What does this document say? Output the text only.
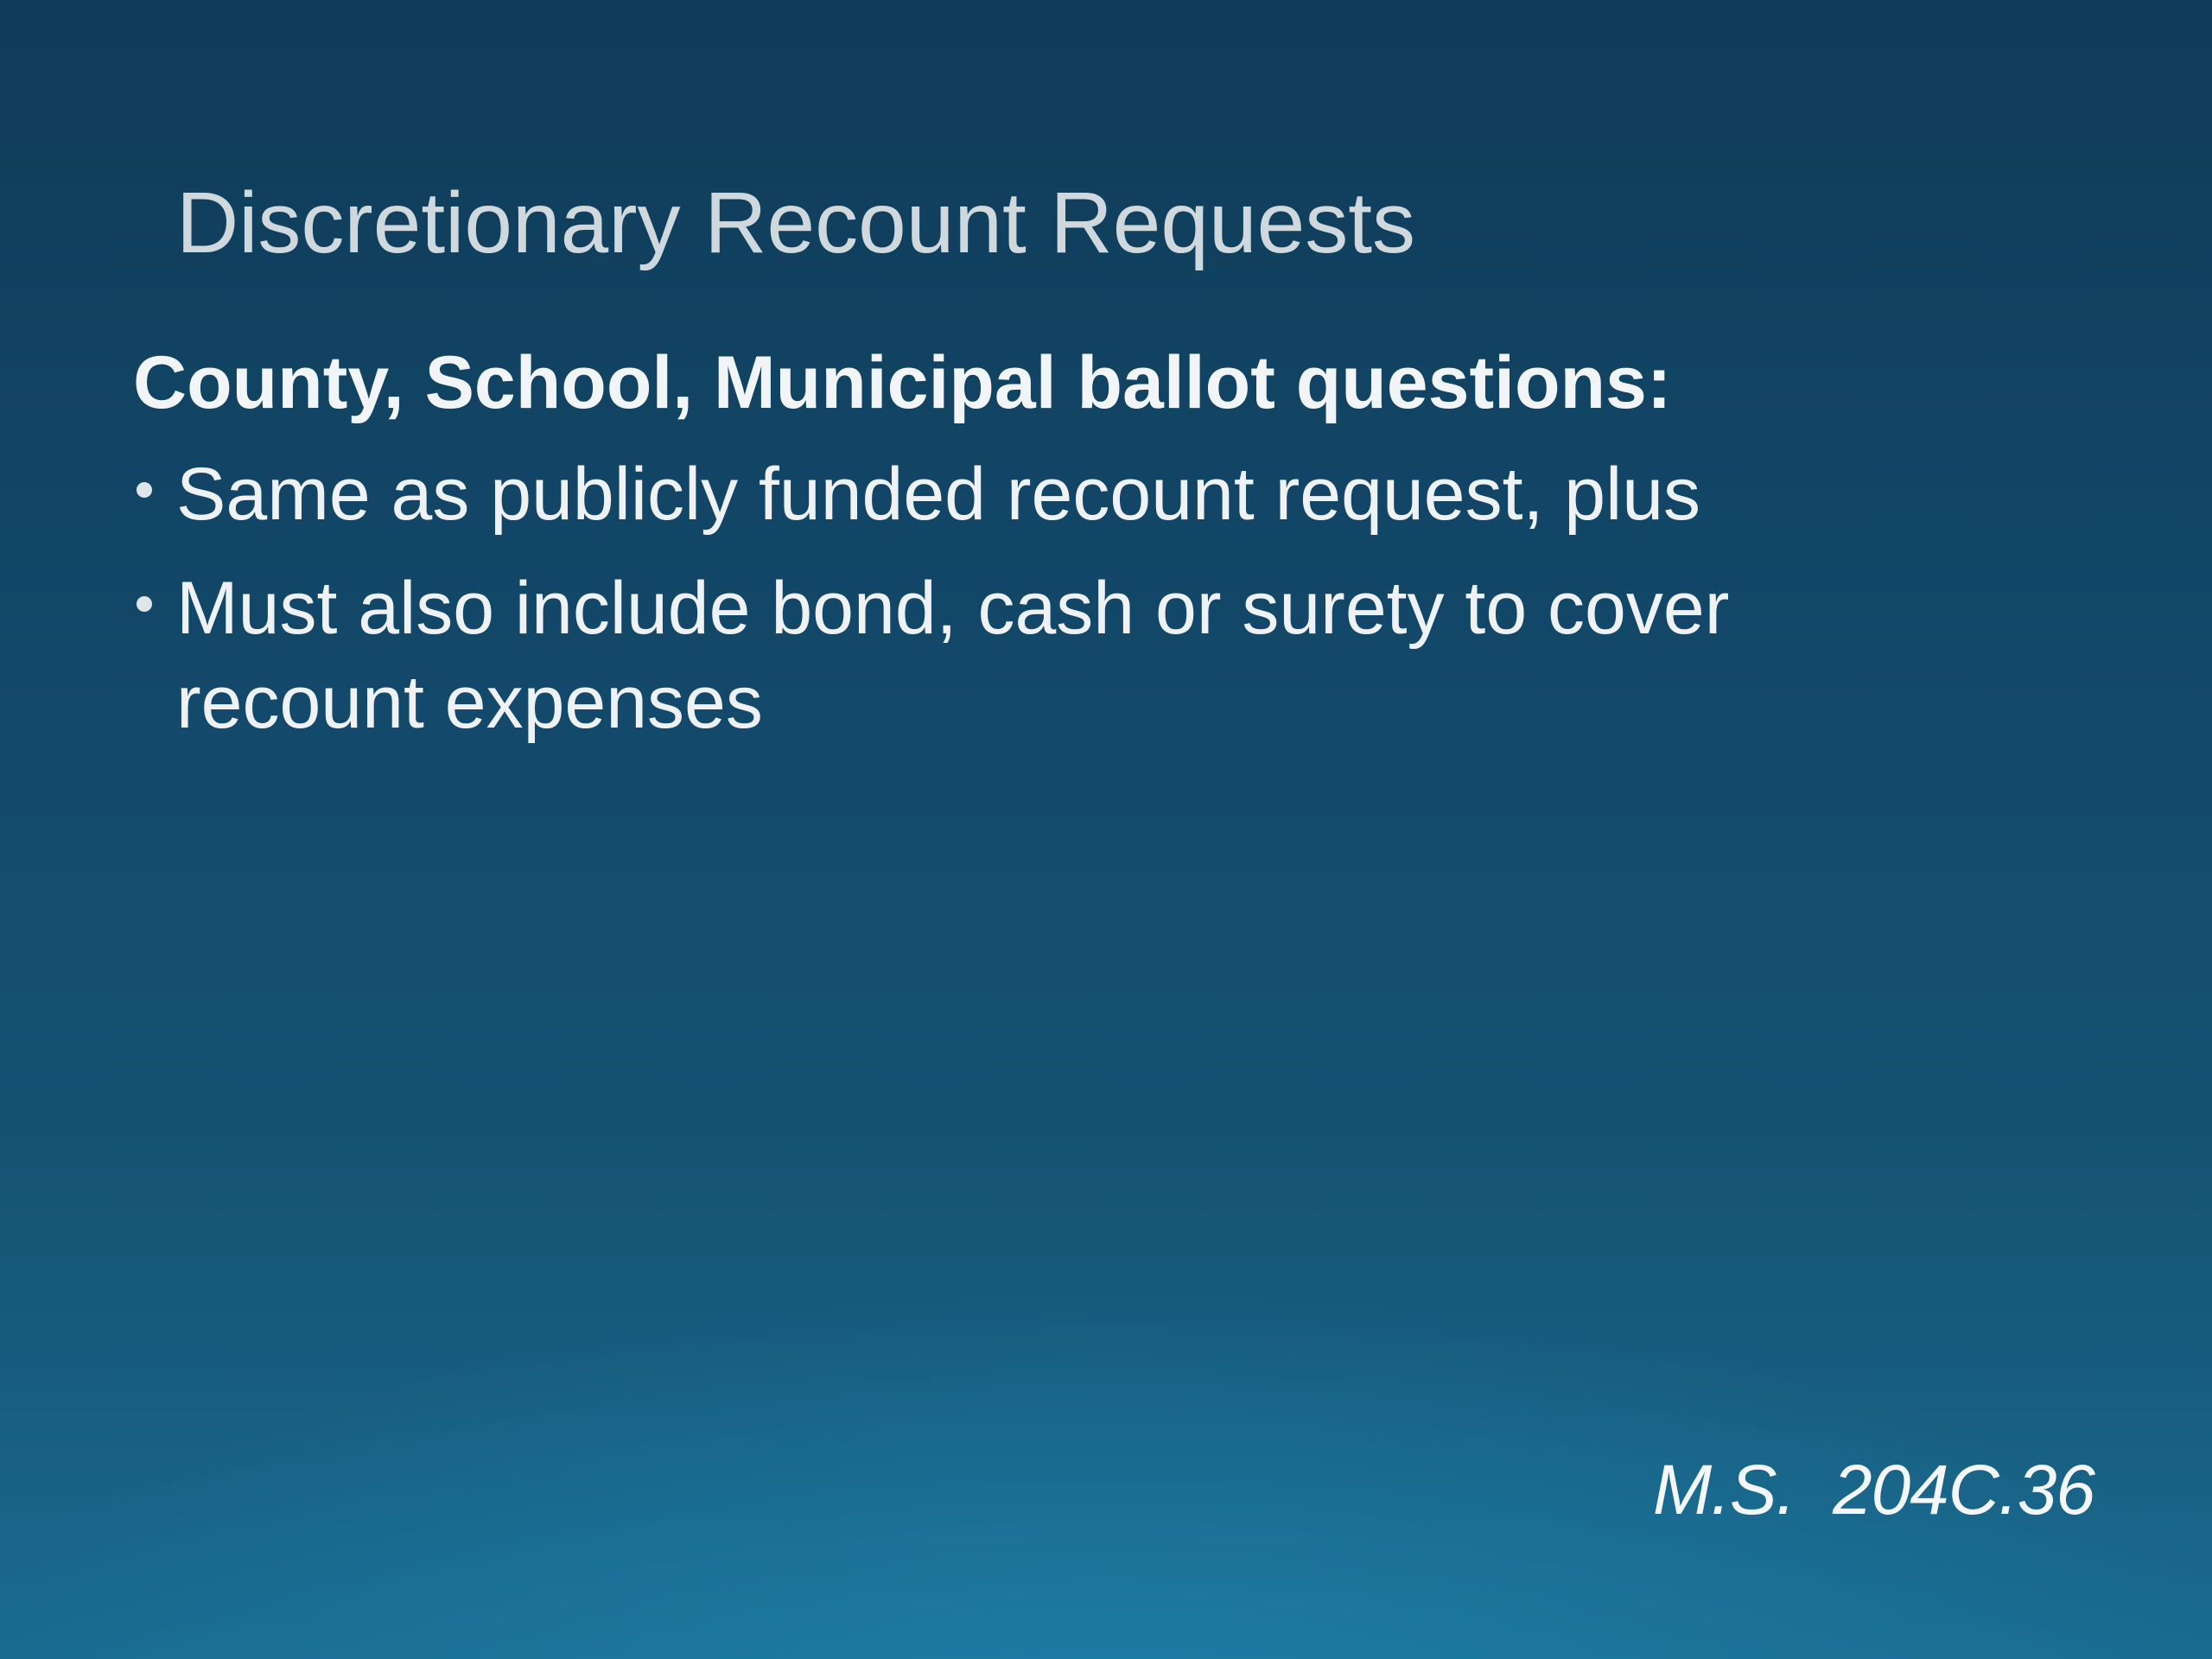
Discretionary Recount Requests

County, School, Municipal ballot questions:

Same as publicly funded recount request, plus
Must also include bond, cash or surety to cover recount expenses

M.S.  204C.36
